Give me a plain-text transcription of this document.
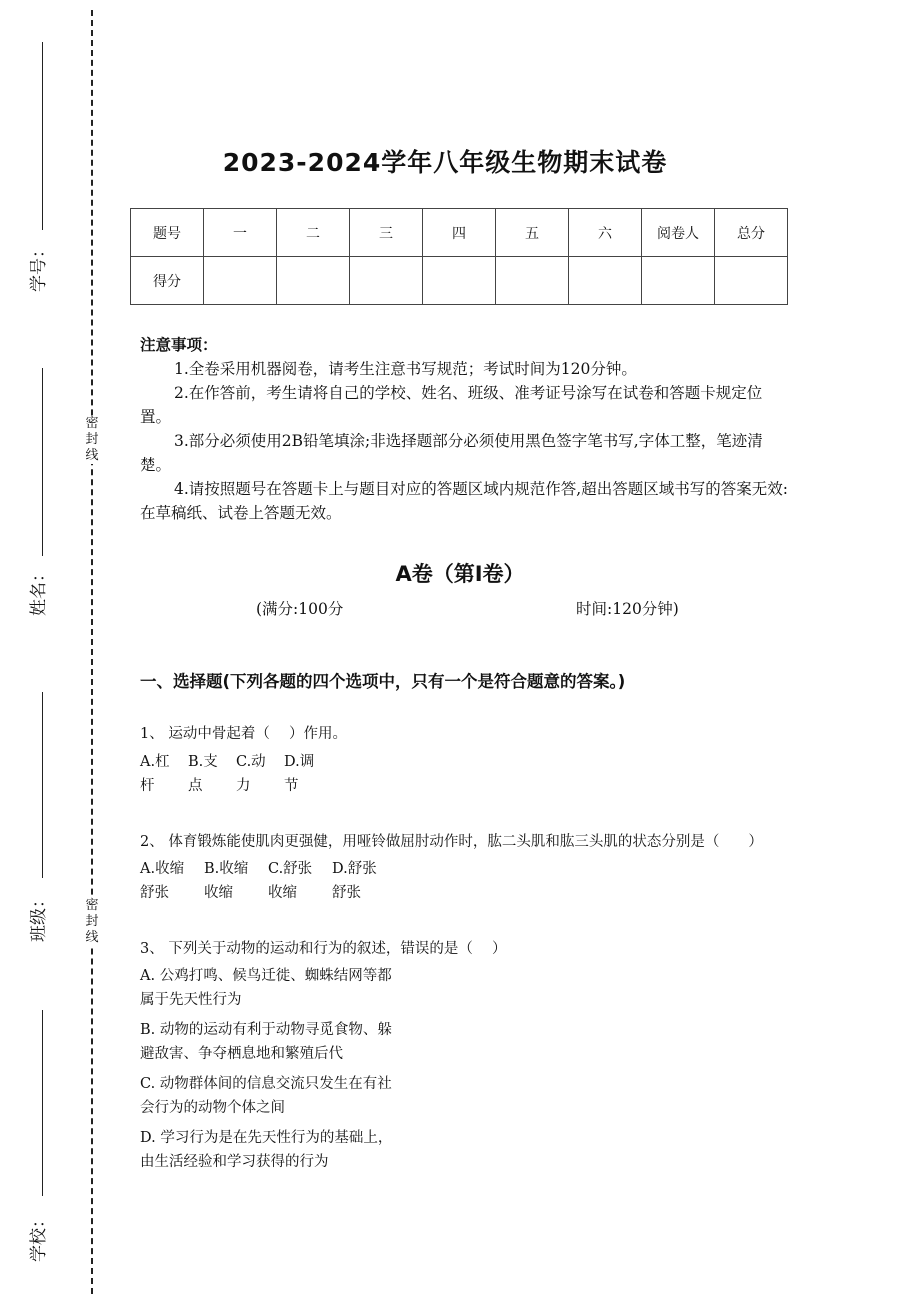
密封线
密封线
学号：
姓名：
班级：
学校：
2023-2024学年八年级生物期末试卷
题号	一	二	三	四	五	六	阅卷人	总分
得分								
注意事项：
1.全卷采用机器阅卷，请考生注意书写规范；考试时间为120分钟。
2.在作答前，考生请将自己的学校、姓名、班级、准考证号涂写在试卷和答题卡规定位置。
3.部分必须使用2B铅笔填涂;非选择题部分必须使用黑色签字笔书写,字体工整，笔迹清楚。
4.请按照题号在答题卡上与题目对应的答题区域内规范作答,超出答题区域书写的答案无效:在草稿纸、试卷上答题无效。
A卷（第Ⅰ卷）
(满分:100分	时间:120分钟)
一、选择题(下列各题的四个选项中，只有一个是符合题意的答案。)
1、 运动中骨起着（　 ）作用。
A.杠杆B.支点C.动力D.调节
2、 体育锻炼能使肌肉更强健，用哑铃做屈肘动作时，肱二头肌和肱三头肌的状态分别是（　　）
A.收缩舒张B.收缩收缩C.舒张收缩D.舒张舒张
3、 下列关于动物的运动和行为的叙述，错误的是（　 ）
A. 公鸡打鸣、候鸟迁徙、蜘蛛结网等都属于先天性行为
B. 动物的运动有利于动物寻觅食物、躲避敌害、争夺栖息地和繁殖后代
C. 动物群体间的信息交流只发生在有社会行为的动物个体之间
D. 学习行为是在先天性行为的基础上，由生活经验和学习获得的行为
